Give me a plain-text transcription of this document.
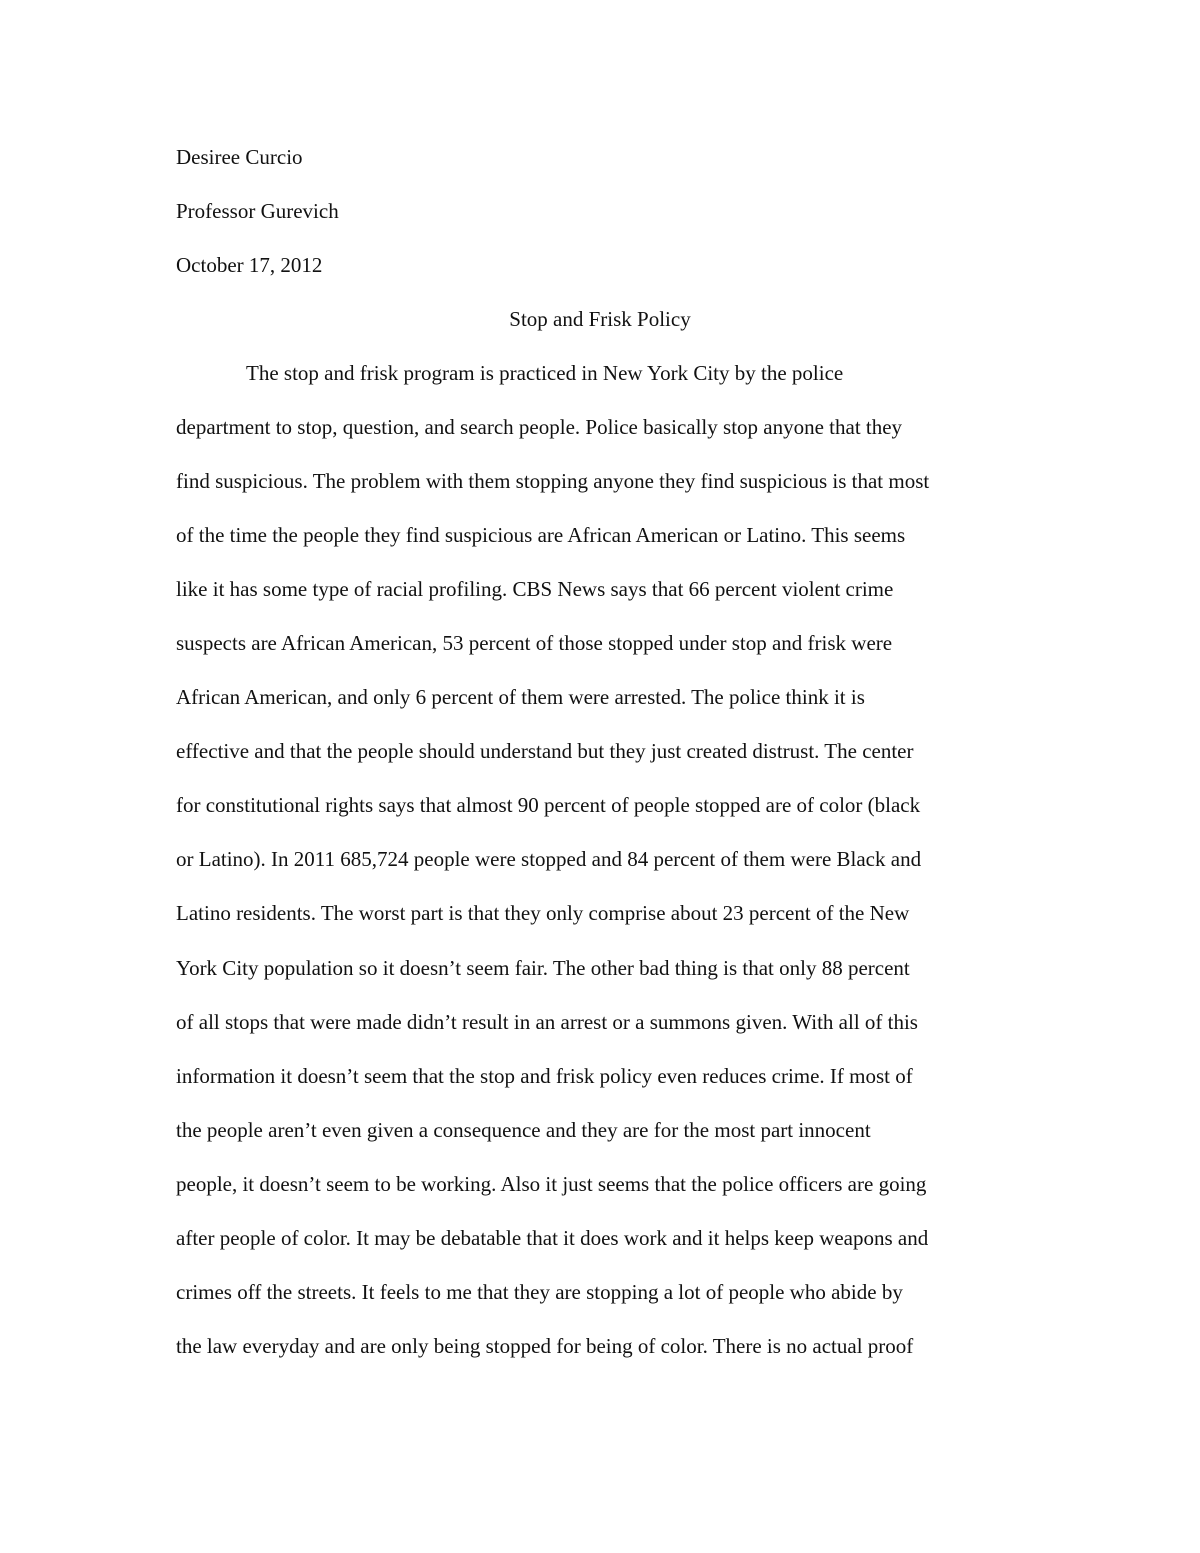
Desiree Curcio
Professor Gurevich
October 17, 2012
Stop and Frisk Policy
The stop and frisk program is practiced in New York City by the police
department to stop, question, and search people. Police basically stop anyone that they
find suspicious. The problem with them stopping anyone they find suspicious is that most
of the time the people they find suspicious are African American or Latino. This seems
like it has some type of racial profiling. CBS News says that 66 percent violent crime
suspects are African American, 53 percent of those stopped under stop and frisk were
African American, and only 6 percent of them were arrested. The police think it is
effective and that the people should understand but they just created distrust. The center
for constitutional rights says that almost 90 percent of people stopped are of color (black
or Latino). In 2011 685,724 people were stopped and 84 percent of them were Black and
Latino residents. The worst part is that they only comprise about 23 percent of the New
York City population so it doesn’t seem fair. The other bad thing is that only 88 percent
of all stops that were made didn’t result in an arrest or a summons given. With all of this
information it doesn’t seem that the stop and frisk policy even reduces crime. If most of
the people aren’t even given a consequence and they are for the most part innocent
people, it doesn’t seem to be working. Also it just seems that the police officers are going
after people of color. It may be debatable that it does work and it helps keep weapons and
crimes off the streets. It feels to me that they are stopping a lot of people who abide by
the law everyday and are only being stopped for being of color. There is no actual proof
